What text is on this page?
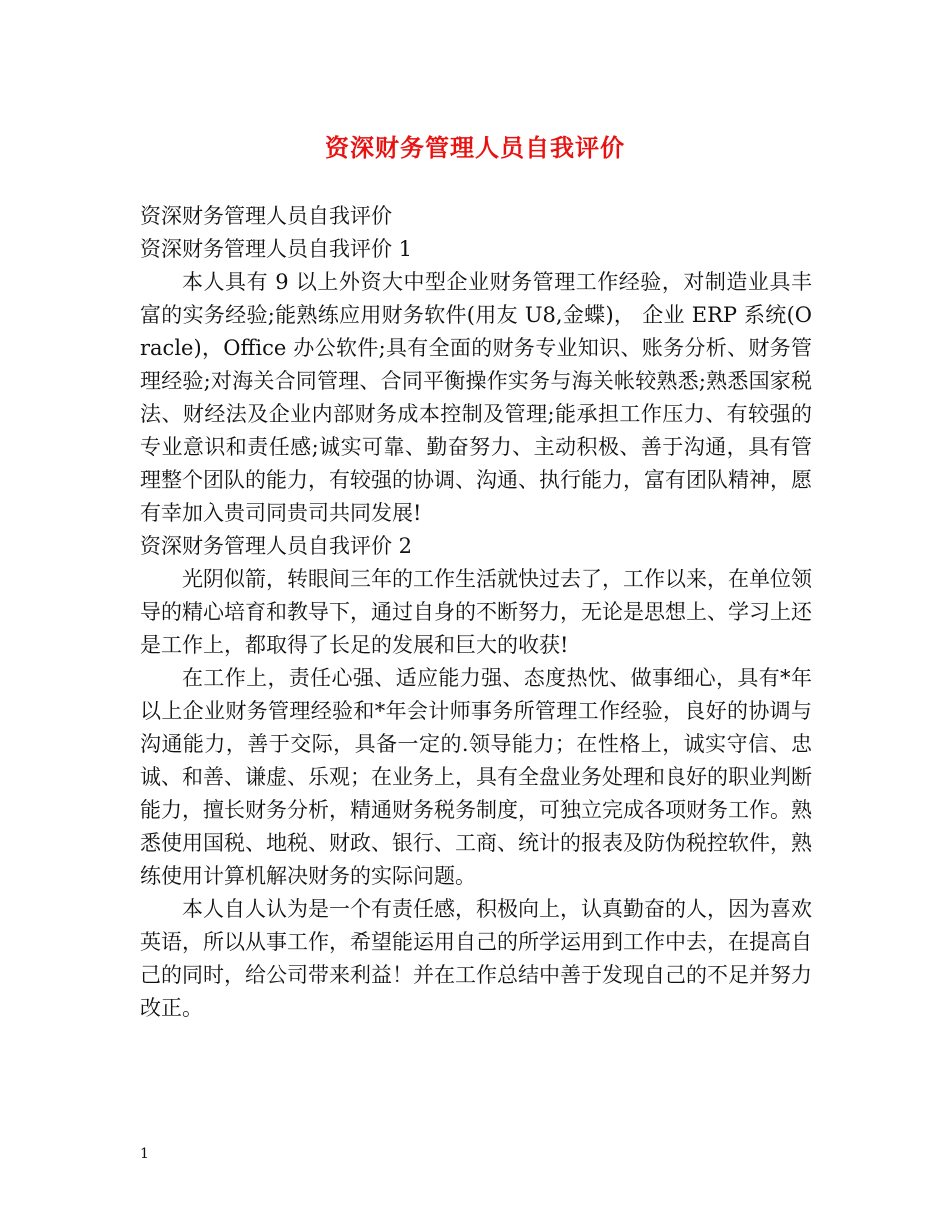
资深财务管理人员自我评价

资深财务管理人员自我评价

资深财务管理人员自我评价 1

本人具有 9 以上外资大中型企业财务管理工作经验，对制造业具丰富的实务经验;能熟练应用财务软件(用友 U8,金蝶)， 企业 ERP 系统(Oracle)，Office 办公软件;具有全面的财务专业知识、账务分析、财务管理经验;对海关合同管理、合同平衡操作实务与海关帐较熟悉;熟悉国家税法、财经法及企业内部财务成本控制及管理;能承担工作压力、有较强的专业意识和责任感;诚实可靠、勤奋努力、主动积极、善于沟通，具有管理整个团队的能力，有较强的协调、沟通、执行能力，富有团队精神，愿有幸加入贵司同贵司共同发展!

资深财务管理人员自我评价 2

光阴似箭，转眼间三年的工作生活就快过去了，工作以来，在单位领导的精心培育和教导下，通过自身的不断努力，无论是思想上、学习上还是工作上，都取得了长足的发展和巨大的收获!

在工作上，责任心强、适应能力强、态度热忱、做事细心，具有*年以上企业财务管理经验和*年会计师事务所管理工作经验，良好的协调与沟通能力，善于交际，具备一定的.领导能力；在性格上，诚实守信、忠诚、和善、谦虚、乐观；在业务上，具有全盘业务处理和良好的职业判断能力，擅长财务分析，精通财务税务制度，可独立完成各项财务工作。熟悉使用国税、地税、财政、银行、工商、统计的报表及防伪税控软件，熟练使用计算机解决财务的实际问题。

本人自人认为是一个有责任感，积极向上，认真勤奋的人，因为喜欢英语，所以从事工作，希望能运用自己的所学运用到工作中去，在提高自己的同时，给公司带来利益！并在工作总结中善于发现自己的不足并努力改正。

1
